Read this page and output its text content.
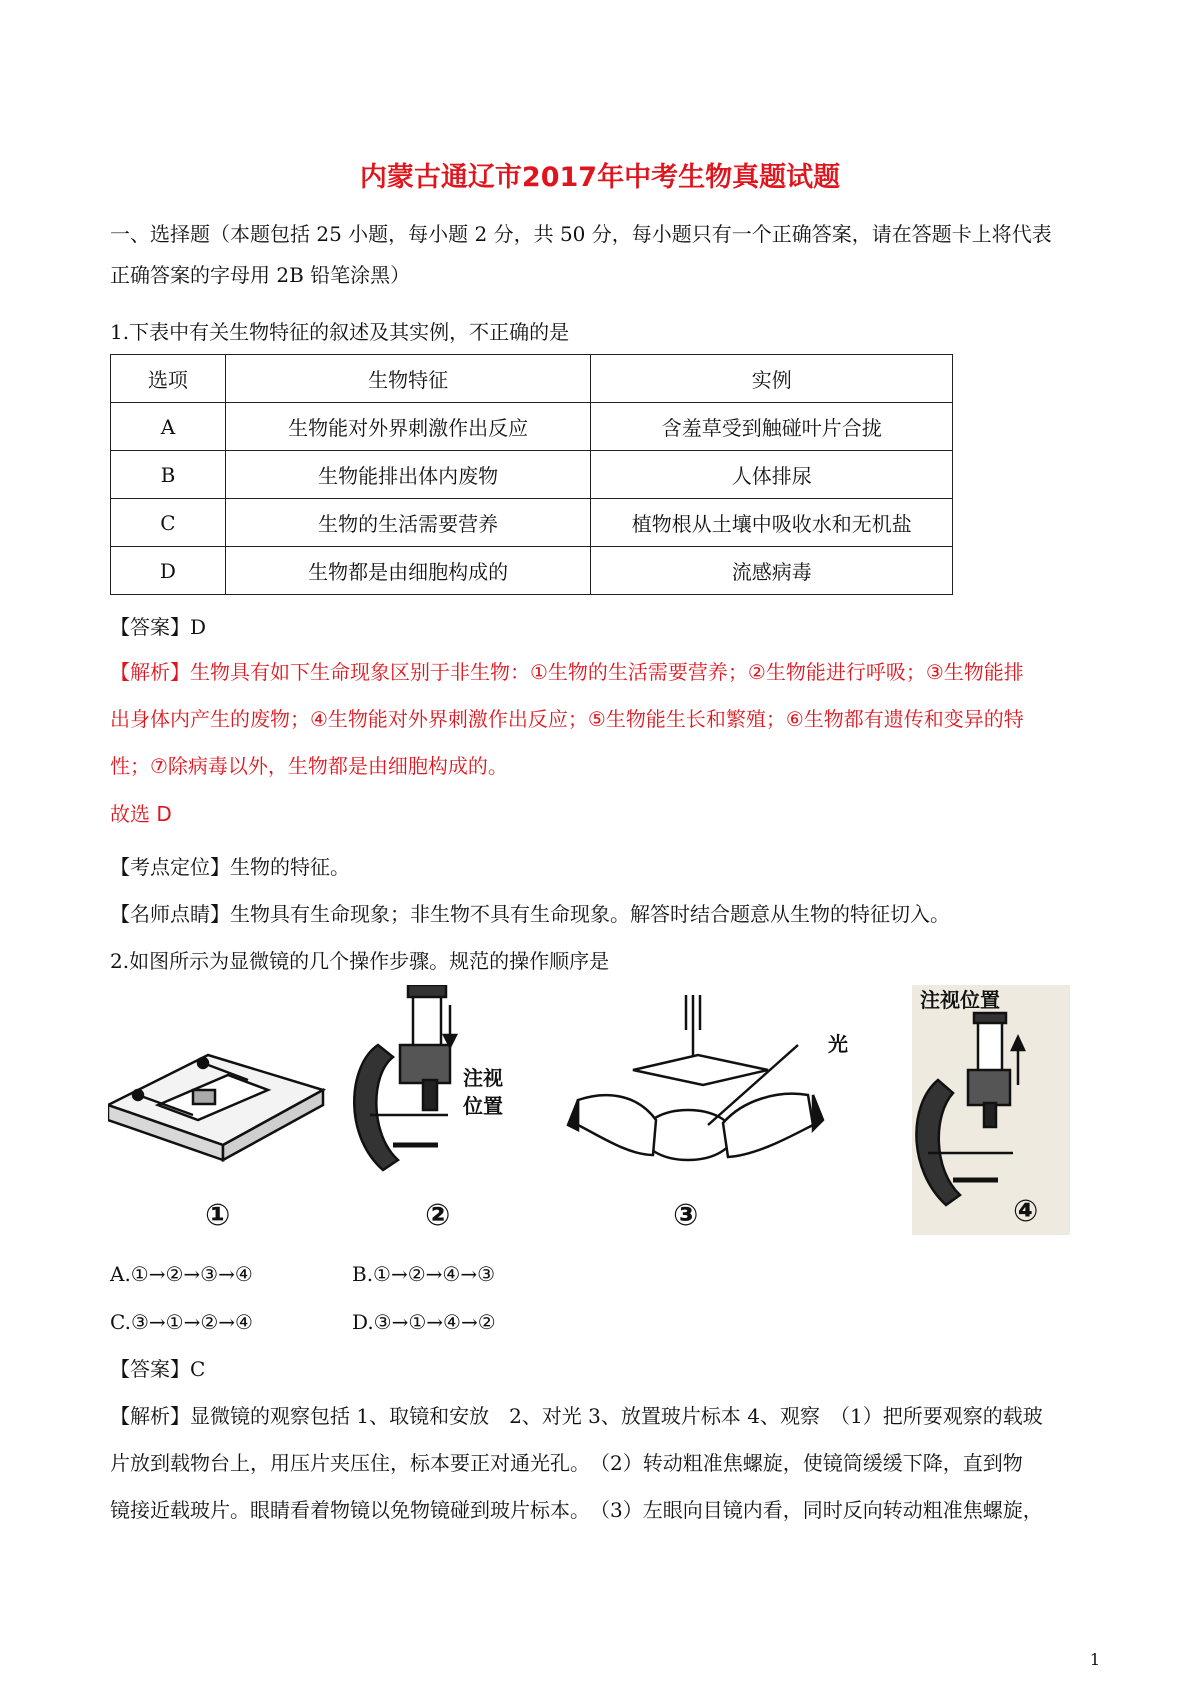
内蒙古通辽市2017年中考生物真题试题
一、选择题（本题包括 25 小题，每小题 2 分，共 50 分，每小题只有一个正确答案，请在答题卡上将代表
正确答案的字母用 2B 铅笔涂黑）
1.下表中有关生物特征的叙述及其实例，不正确的是
选项	生物特征	实例
A	生物能对外界刺激作出反应	含羞草受到触碰叶片合拢
B	生物能排出体内废物	人体排尿
C	生物的生活需要营养	植物根从土壤中吸收水和无机盐
D	生物都是由细胞构成的	流感病毒
【答案】D
【解析】生物具有如下生命现象区别于非生物：①生物的生活需要营养；②生物能进行呼吸；③生物能排
出身体内产生的废物；④生物能对外界刺激作出反应；⑤生物能生长和繁殖；⑥生物都有遗传和变异的特
性；⑦除病毒以外，生物都是由细胞构成的。
故选 D
【考点定位】生物的特征。
【名师点睛】生物具有生命现象；非生物不具有生命现象。解答时结合题意从生物的特征切入。
2.如图所示为显微镜的几个操作步骤。规范的操作顺序是
注视
位置
光
注视位置
①	②	③	④
A.①→②→③→④	B.①→②→④→③
C.③→①→②→④	D.③→①→④→②
【答案】C
【解析】显微镜的观察包括 1、取镜和安放　2、对光 3、放置玻片标本 4、观察　（1）把所要观察的载玻
片放到载物台上，用压片夹压住，标本要正对通光孔。　（2）转动粗准焦螺旋，使镜筒缓缓下降，直到物
镜接近载玻片。眼睛看着物镜以免物镜碰到玻片标本。　（3）左眼向目镜内看，同时反向转动粗准焦螺旋，
1
